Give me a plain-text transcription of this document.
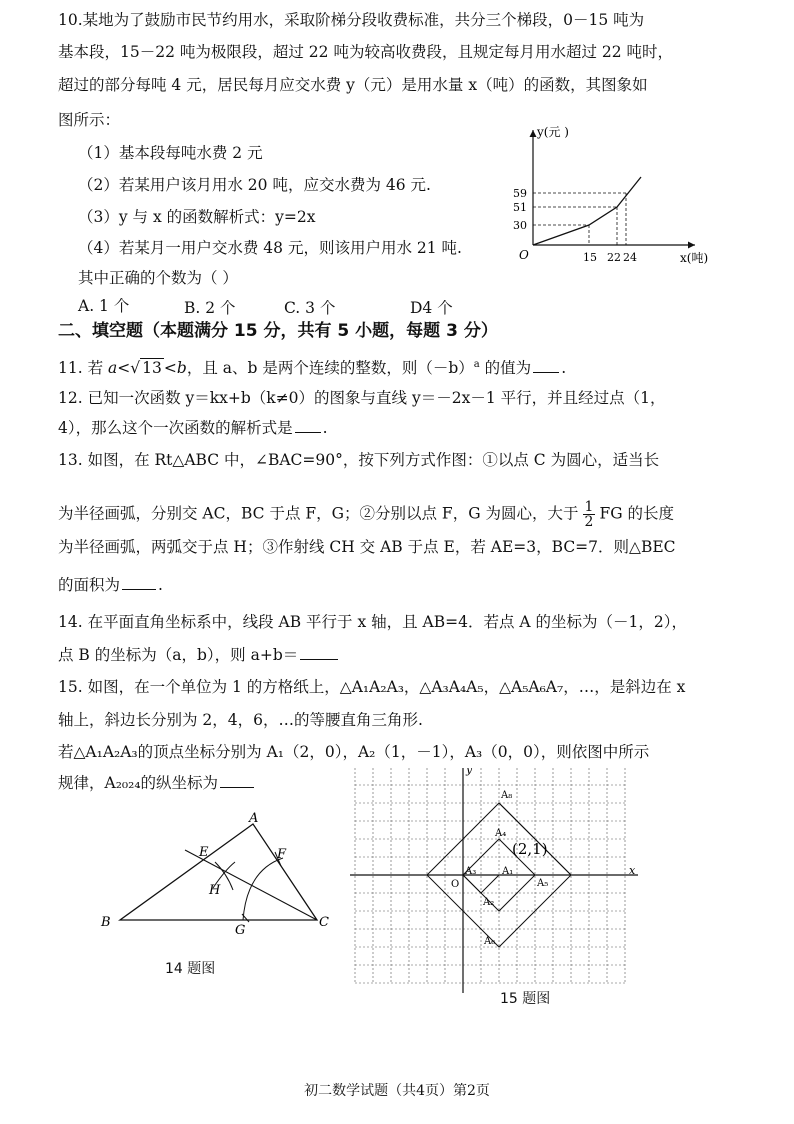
10.某地为了鼓励市民节约用水，采取阶梯分段收费标准，共分三个梯段，0－15 吨为
基本段，15－22 吨为极限段，超过 22 吨为较高收费段，且规定每月用水超过 22 吨时，
超过的部分每吨 4 元，居民每月应交水费 y（元）是用水量 x（吨）的函数，其图象如
图所示：
（1）基本段每吨水费 2 元
（2）若某用户该月用水 20 吨，应交水费为 46 元.
（3）y 与 x 的函数解析式：y=2x
（4）若某月一用户交水费 48 元，则该用户用水 21 吨.
其中正确的个数为（ ）
A. 1 个	B. 2 个	C. 3 个	D4 个
y(元 )
x(吨)
O
59
51
30
15 22 24
二、填空题（本题满分 15 分，共有 5 小题，每题 3 分）
11. 若 a<√ 13 <b，且 a、b 是两个连续的整数，则$(-b)^a$ 的值为 .
12. 已知一次函数 y＝kx+b（k≠0）的图象与直线 y＝－2x－1 平行，并且经过点（1，
4），那么这个一次函数的解析式是 .
13. 如图，在 Rt△ABC 中，∠BAC=90°，按下列方式作图：①以点 C 为圆心，适当长
为半径画弧，分别交 AC，BC 于点 F，G；②分别以点 F，G 为圆心，大于 $\frac{1}{2}$ FG 的长度
为半径画弧，两弧交于点 H；③作射线 CH 交 AB 于点 E，若 AE=3，BC=7．则△BEC
的面积为 .
14. 在平面直角坐标系中，线段 AB 平行于 x 轴，且 AB=4．若点 A 的坐标为（－1，2），
点 B 的坐标为（a，b），则 a+b＝
15. 如图，在一个单位为 1 的方格纸上，△A₁A₂A₃，△A₃A₄A₅，△A₅A₆A₇，…，是斜边在 x
轴上，斜边长分别为 2，4，6，…的等腰直角三角形.
若△A₁A₂A₃的顶点坐标分别为 A₁（2，0），A₂（1，－1），A₃（0，0），则依图中所示
规律，A₂₀₂₄的纵坐标为
A
B	C
E	F
G
H
14 题图
y
x
O
A₁
A₂
A₃
A₄
A₅
A₆
A₈
(2,1)
15 题图
初二数学试题（共4页）第2页
